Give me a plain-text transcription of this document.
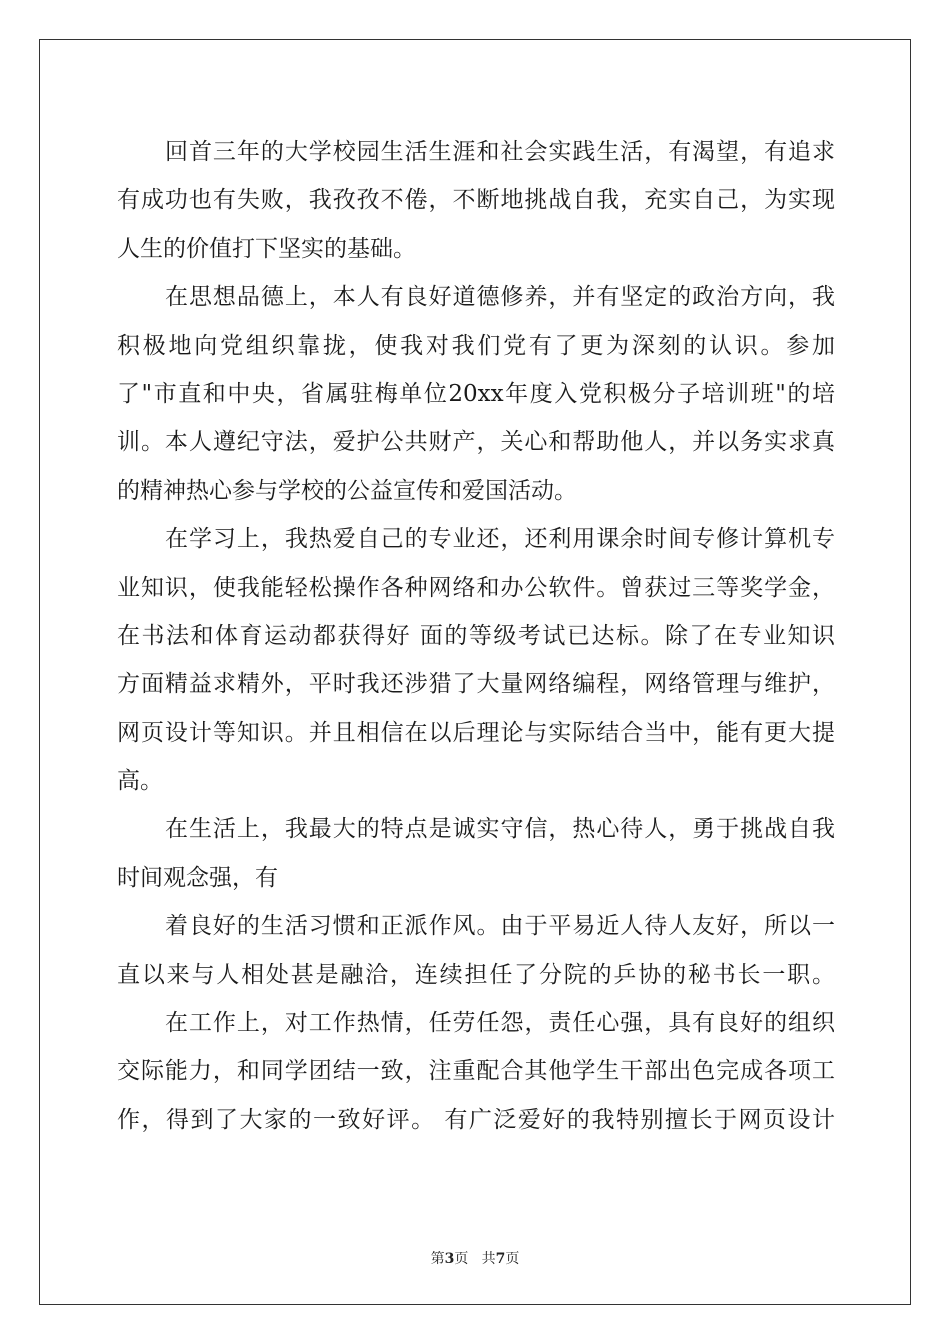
回首三年的大学校园生活生涯和社会实践生活，有渴望，有追求
有成功也有失败，我孜孜不倦，不断地挑战自我，充实自己，为实现
人生的价值打下坚实的基础。
在思想品德上，本人有良好道德修养，并有坚定的政治方向，我
积极地向党组织靠拢，使我对我们党有了更为深刻的认识。参加
了"市直和中央，省属驻梅单位20xx年度入党积极分子培训班"的培
训。本人遵纪守法，爱护公共财产，关心和帮助他人，并以务实求真
的精神热心参与学校的公益宣传和爱国活动。
在学习上，我热爱自己的专业还，还利用课余时间专修计算机专
业知识，使我能轻松操作各种网络和办公软件。曾获过三等奖学金，
在书法和体育运动都获得好 面的等级考试已达标。除了在专业知识
方面精益求精外，平时我还涉猎了大量网络编程，网络管理与维护，
网页设计等知识。并且相信在以后理论与实际结合当中，能有更大提
高。
在生活上，我最大的特点是诚实守信，热心待人，勇于挑战自我
时间观念强，有
着良好的生活习惯和正派作风。由于平易近人待人友好，所以一
直以来与人相处甚是融洽，连续担任了分院的乒协的秘书长一职。
在工作上，对工作热情，任劳任怨，责任心强，具有良好的组织
交际能力，和同学团结一致，注重配合其他学生干部出色完成各项工
作，得到了大家的一致好评。 有广泛爱好的我特别擅长于网页设计
第3页 共7页
